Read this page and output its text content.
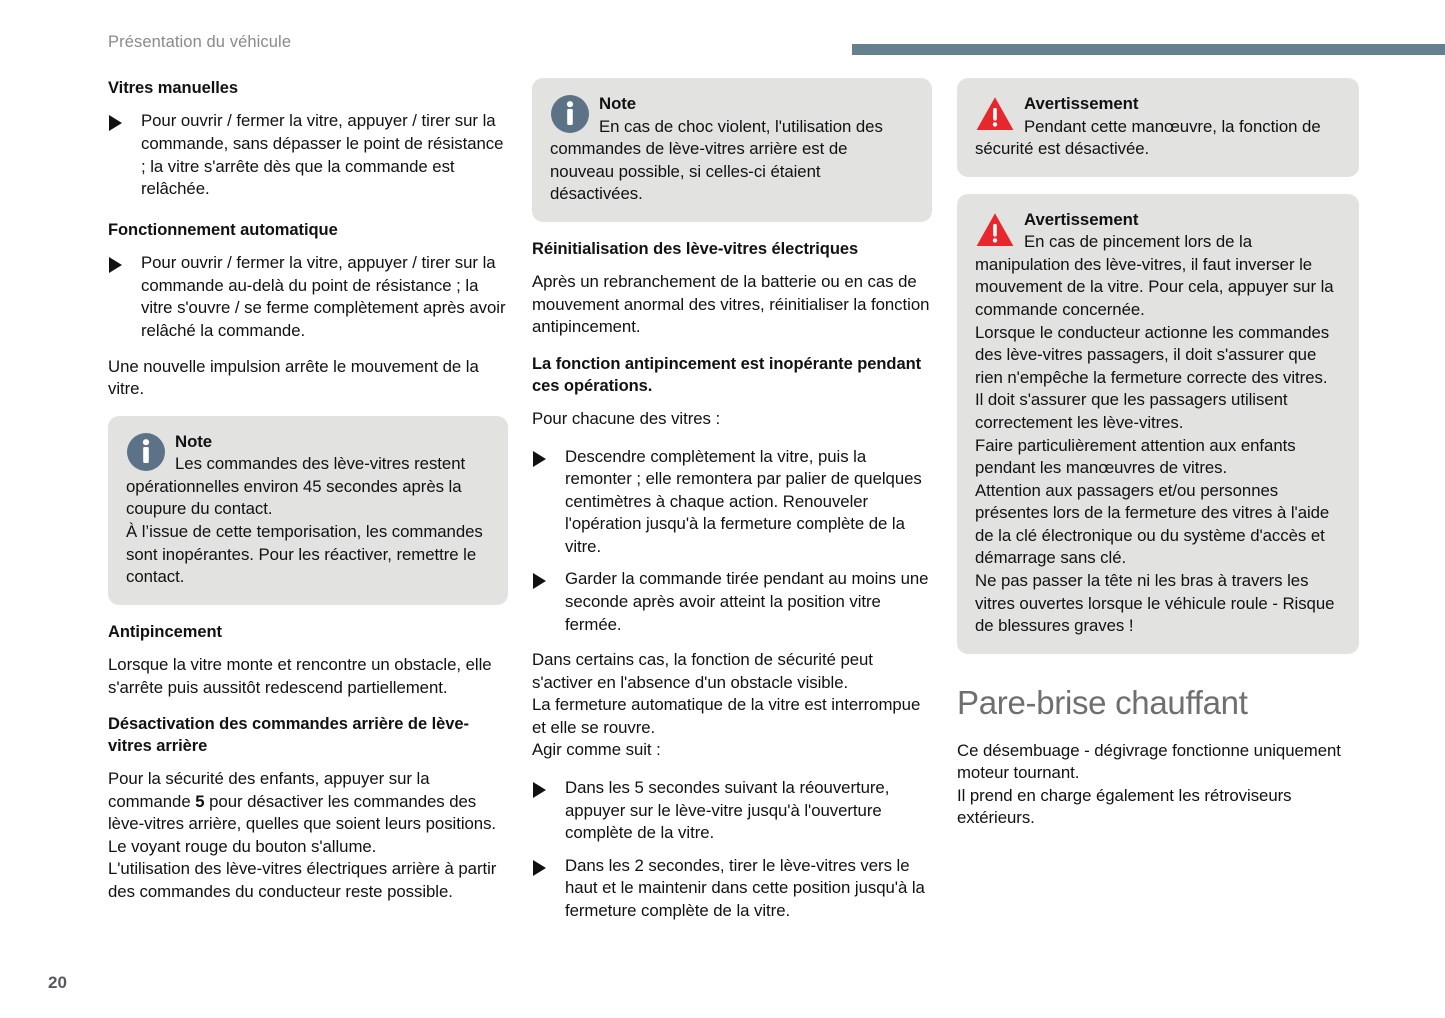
Présentation du véhicule
Vitres manuelles
Pour ouvrir / fermer la vitre, appuyer / tirer sur la commande, sans dépasser le point de résistance ; la vitre s'arrête dès que la commande est relâchée.
Fonctionnement automatique
Pour ouvrir / fermer la vitre, appuyer / tirer sur la commande au-delà du point de résistance ; la vitre s'ouvre / se ferme complètement après avoir relâché la commande.

Une nouvelle impulsion arrête le mouvement de la vitre.

Note
Les commandes des lève-vitres restent opérationnelles environ 45 secondes après la coupure du contact.
À l’issue de cette temporisation, les commandes sont inopérantes. Pour les réactiver, remettre le contact.

Antipincement

Lorsque la vitre monte et rencontre un obstacle, elle s'arrête puis aussitôt redescend partiellement.

Désactivation des commandes arrière de lève-vitres arrière

Pour la sécurité des enfants, appuyer sur la commande 5 pour désactiver les commandes des lève-vitres arrière, quelles que soient leurs positions.

Le voyant rouge du bouton s'allume.

L'utilisation des lève-vitres électriques arrière à partir des commandes du conducteur reste possible.

Note
En cas de choc violent, l'utilisation des commandes de lève-vitres arrière est de nouveau possible, si celles-ci étaient désactivées.

Réinitialisation des lève-vitres électriques

Après un rebranchement de la batterie ou en cas de mouvement anormal des vitres, réinitialiser la fonction antipincement.

La fonction antipincement est inopérante pendant ces opérations.

Pour chacune des vitres :

Descendre complètement la vitre, puis la remonter ; elle remontera par palier de quelques centimètres à chaque action. Renouveler l'opération jusqu'à la fermeture complète de la vitre.
Garder la commande tirée pendant au moins une seconde après avoir atteint la position vitre fermée.

Dans certains cas, la fonction de sécurité peut s'activer en l'absence d'un obstacle visible.

La fermeture automatique de la vitre est interrompue et elle se rouvre.

Agir comme suit :

Dans les 5 secondes suivant la réouverture, appuyer sur le lève-vitre jusqu'à l'ouverture complète de la vitre.
Dans les 2 secondes, tirer le lève-vitres vers le haut et le maintenir dans cette position jusqu'à la fermeture complète de la vitre.

Avertissement
Pendant cette manœuvre, la fonction de sécurité est désactivée.

Avertissement
En cas de pincement lors de la manipulation des lève-vitres, il faut inverser le mouvement de la vitre. Pour cela, appuyer sur la commande concernée.
Lorsque le conducteur actionne les commandes des lève-vitres passagers, il doit s'assurer que rien n'empêche la fermeture correcte des vitres.
Il doit s'assurer que les passagers utilisent correctement les lève-vitres.
Faire particulièrement attention aux enfants pendant les manœuvres de vitres.
Attention aux passagers et/ou personnes présentes lors de la fermeture des vitres à l'aide de la clé électronique ou du système d'accès et démarrage sans clé.
Ne pas passer la tête ni les bras à travers les vitres ouvertes lorsque le véhicule roule - Risque de blessures graves !

Pare-brise chauffant

Ce désembuage - dégivrage fonctionne uniquement moteur tournant.

Il prend en charge également les rétroviseurs extérieurs.

20
